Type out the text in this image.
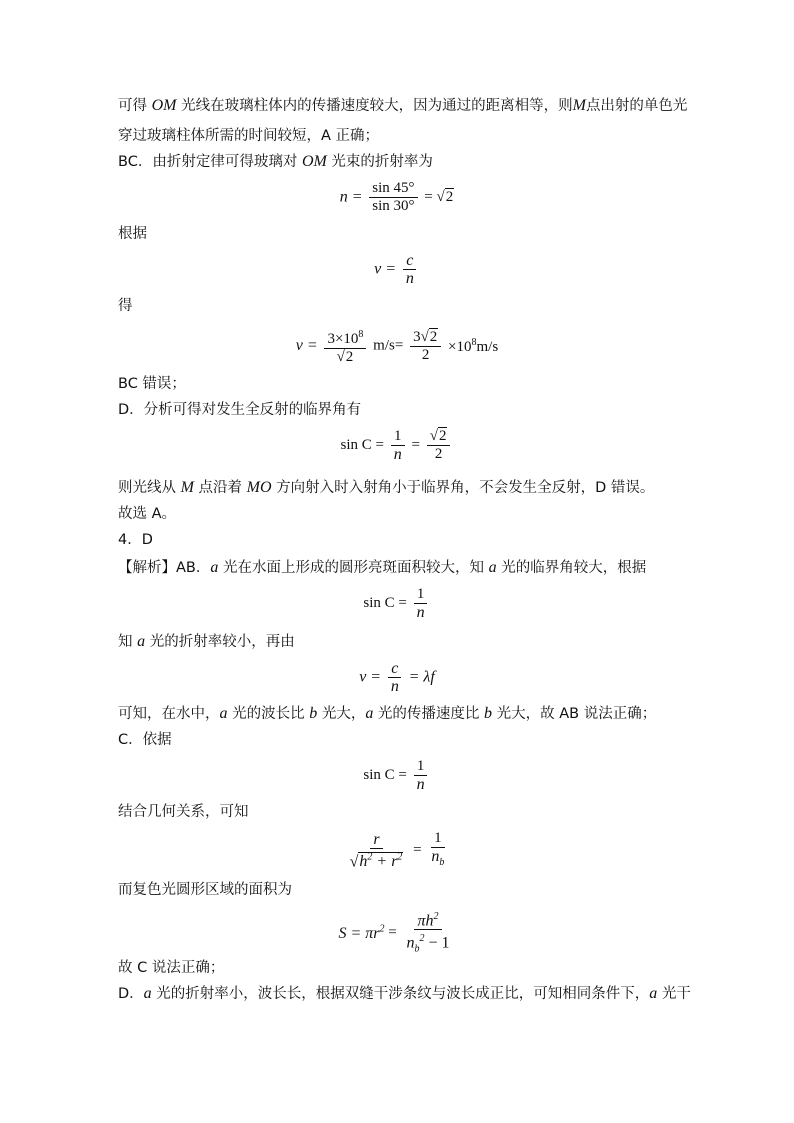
可得 OM 光线在玻璃柱体内的传播速度较大，因为通过的距离相等，则M点出射的单色光
穿过玻璃柱体所需的时间较短，A 正确；
BC．由折射定律可得玻璃对 OM 光束的折射率为
$n = \frac{\sin 45^\circ}{\sin 30^\circ} = √2$
根据
$v = \frac{c}{n}$
得
$v = \frac{3\times 10^8}{√2} m/s= \frac{3√2}{2} \times 10^8m/s$
BC 错误；
D．分析可得对发生全反射的临界角有
$\sin C = \frac{1}{n} = \frac{√2}{2}$
则光线从 M 点沿着 MO 方向射入时入射角小于临界角，不会发生全反射，D 错误。
故选 A。
4．D
【解析】AB．a 光在水面上形成的圆形亮斑面积较大，知 a 光的临界角较大，根据
$\sin C = \frac{1}{n}$
知 a 光的折射率较小，再由
$v = \frac{c}{n} = \lambda f$
可知，在水中，a 光的波长比 b 光大，a 光的传播速度比 b 光大，故 AB 说法正确；
C．依据
$\sin C = \frac{1}{n}$
结合几何关系，可知
$\frac{r}{√h^2 + r^2} = \frac{1}{n_b}$
而复色光圆形区域的面积为
$S = \pi r^2 = \frac{\pi h^2}{n_b^2 - 1}$
故 C 说法正确；
D．a 光的折射率小，波长长，根据双缝干涉条纹与波长成正比，可知相同条件下，a 光干
